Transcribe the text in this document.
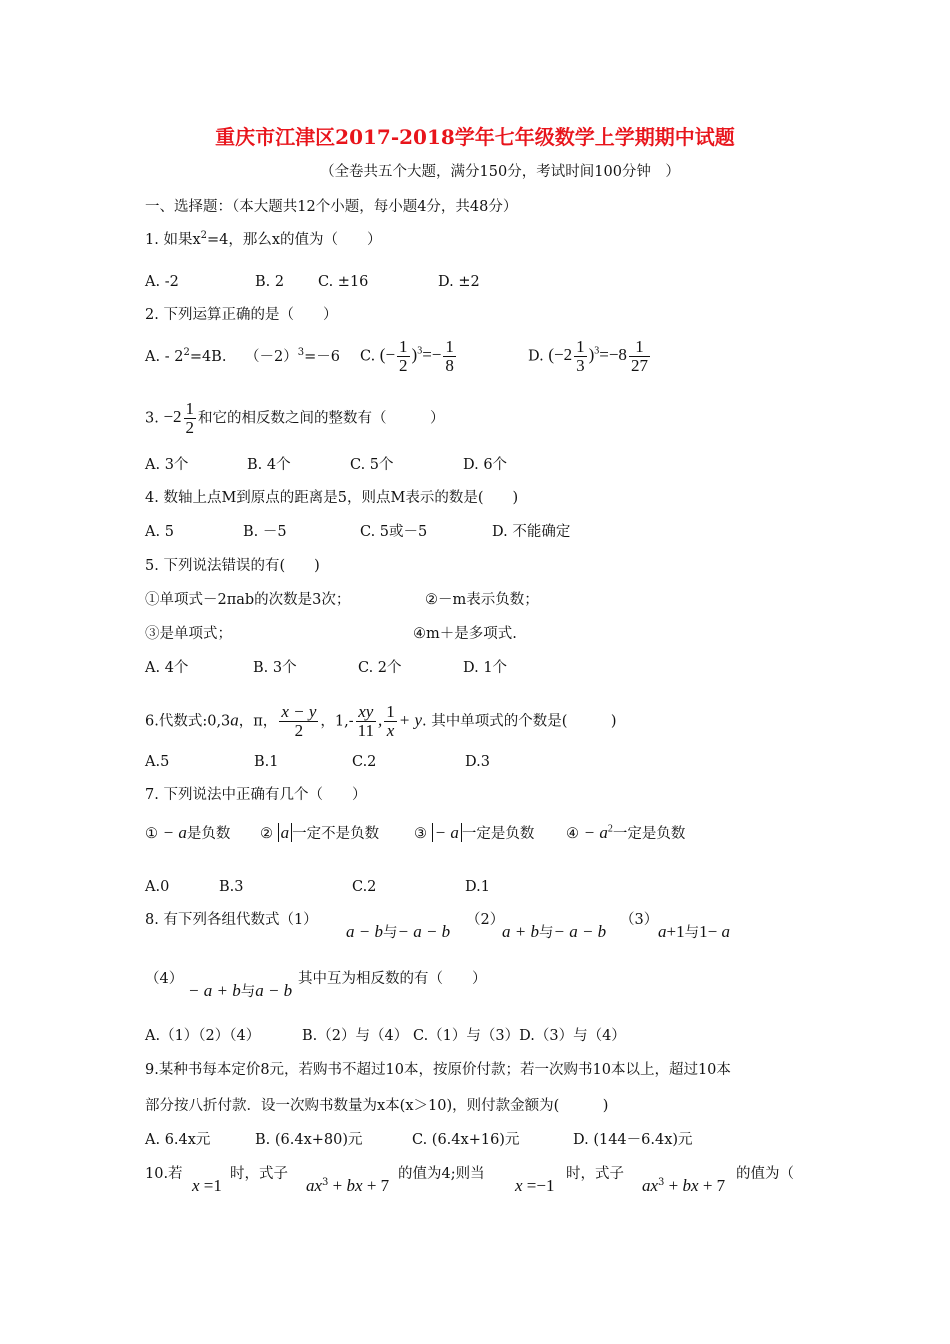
重庆市江津区2017-2018学年七年级数学上学期期中试题
（全卷共五个大题，满分150分，考试时间100分钟　）
一、选择题：（本大题共12个小题，每小题4分，共48分）
1. 如果$x^2=4$，那么x的值为（　　）
A. -2	B. 2 C. ±16	D. ±2
2. 下列运算正确的是（　　）
A. - $2^2=4B$. $(-2)^3=-6$ C. (− $\frac{1}{2} )^3=- \frac{1}{8}$	D. $(-2 \frac{1}{3} )^3=-8 \frac{1}{27}$
3. $-2 \frac{1}{2}$ 和它的相反数之间的整数有（　　　）
A. 3个	B. 4个	C. 5个	D. 6个
4. 数轴上点M到原点的距离是5，则点M表示的数是(　　)
A. 5	B. －5	C. 5或－5	D. 不能确定
5. 下列说法错误的有(　　)
①单项式－2πab的次数是3次；	②－m表示负数；
③是单项式；	④m＋是多项式.
A. 4个	B. 3个	C. 2个	D. 1个
6.代数式:0,3a，π， $\frac{x - y}{2}$ ，$1,- \frac{xy}{11}$ , $\frac{1}{x} + y$. 其中单项式的个数是(　　　)
A.5	B.1	C.2	D.3
7. 下列说法中正确有几个（　　）
① − a是负数 ② a 一定不是负数 ③ − a 一定是负数 ④ − $a^2$一定是负数
A.0	B.3	C.2	D.1
8. 有下列各组代数式（1）
a − b与− a − b
（2）
a + b与− a − b
（3）
a+1与1− a
（4）
− a + b与a − b
其中互为相反数的有（　　）
A.（1）（2）（4）	B.（2）与（4） C.（1）与（3）D.（3）与（4）
9.某种书每本定价8元，若购书不超过10本，按原价付款；若一次购书10本以上，超过10本
部分按八折付款．设一次购书数量为x本(x＞10)，则付款金额为(　　　)
A. 6.4x元	B. (6.4x+80)元	C. (6.4x+16)元	D. (144－6.4x)元
10.若
x =1
时，式子
$ax^3$ + bx + 7
的值为4;则当
x =−1
时，式子
$ax^3$ + bx + 7
的值为（
